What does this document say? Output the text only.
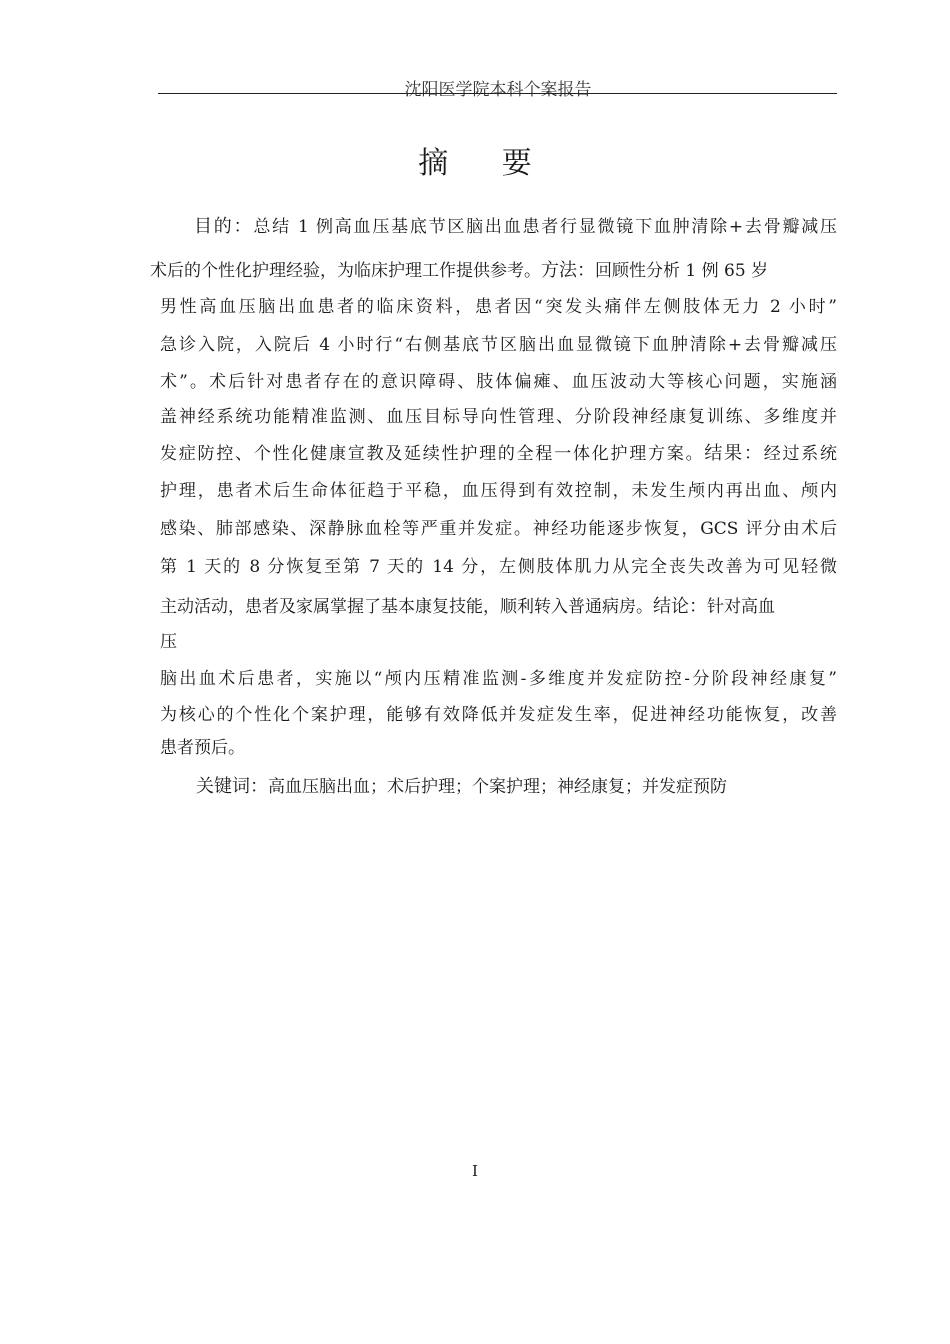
沈阳医学院本科个案报告
摘 要
目的：总结 1 例高血压基底节区脑出血患者行显微镜下血肿清除+去骨瓣减压
术后的个性化护理经验，为临床护理工作提供参考。方法：回顾性分析 1 例 65 岁
男性高血压脑出血患者的临床资料，患者因“突发头痛伴左侧肢体无力 2 小时”
急诊入院，入院后 4 小时行“右侧基底节区脑出血显微镜下血肿清除+去骨瓣减压
术”。术后针对患者存在的意识障碍、肢体偏瘫、血压波动大等核心问题，实施涵
盖神经系统功能精准监测、血压目标导向性管理、分阶段神经康复训练、多维度并
发症防控、个性化健康宣教及延续性护理的全程一体化护理方案。结果：经过系统
护理，患者术后生命体征趋于平稳，血压得到有效控制，未发生颅内再出血、颅内
感染、肺部感染、深静脉血栓等严重并发症。神经功能逐步恢复，GCS 评分由术后
第 1 天的 8 分恢复至第 7 天的 14 分，左侧肢体肌力从完全丧失改善为可见轻微
主动活动，患者及家属掌握了基本康复技能，顺利转入普通病房。结论：针对高血
压
脑出血术后患者，实施以“颅内压精准监测-多维度并发症防控-分阶段神经康复”
为核心的个性化个案护理，能够有效降低并发症发生率，促进神经功能恢复，改善
患者预后。
关键词：高血压脑出血；术后护理；个案护理；神经康复；并发症预防
I
